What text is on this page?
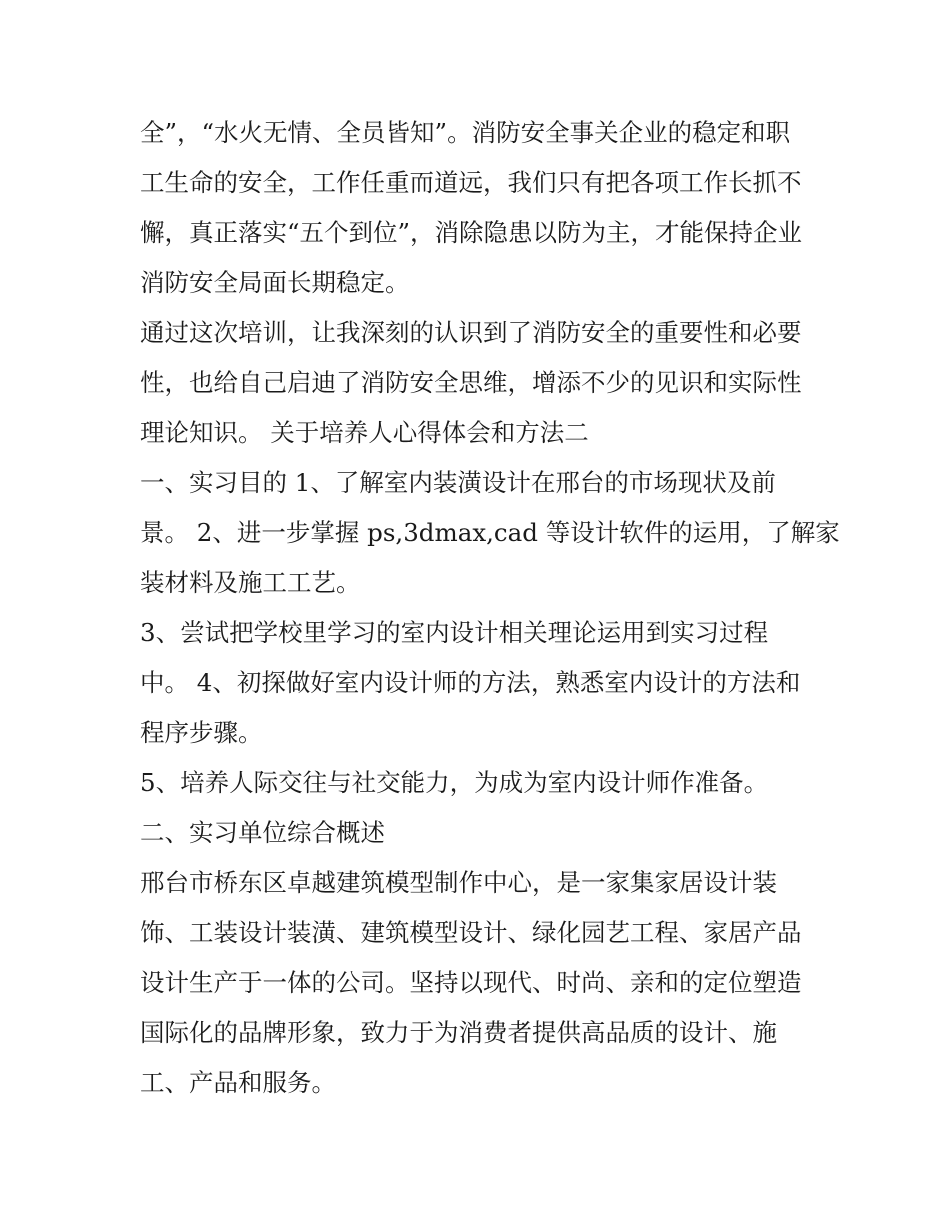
全”，“水火无情、全员皆知”。消防安全事关企业的稳定和职
工生命的安全，工作任重而道远，我们只有把各项工作长抓不
懈，真正落实“五个到位”，消除隐患以防为主，才能保持企业
消防安全局面长期稳定。
通过这次培训，让我深刻的认识到了消防安全的重要性和必要
性，也给自己启迪了消防安全思维，增添不少的见识和实际性
理论知识。 关于培养人心得体会和方法二
一、实习目的 1、了解室内装潢设计在邢台的市场现状及前
景。 2、进一步掌握 ps,3dmax,cad 等设计软件的运用，了解家
装材料及施工工艺。
3、尝试把学校里学习的室内设计相关理论运用到实习过程
中。 4、初探做好室内设计师的方法，熟悉室内设计的方法和
程序步骤。
5、培养人际交往与社交能力，为成为室内设计师作准备。
二、实习单位综合概述
邢台市桥东区卓越建筑模型制作中心，是一家集家居设计装
饰、工装设计装潢、建筑模型设计、绿化园艺工程、家居产品
设计生产于一体的公司。坚持以现代、时尚、亲和的定位塑造
国际化的品牌形象，致力于为消费者提供高品质的设计、施
工、产品和服务。
